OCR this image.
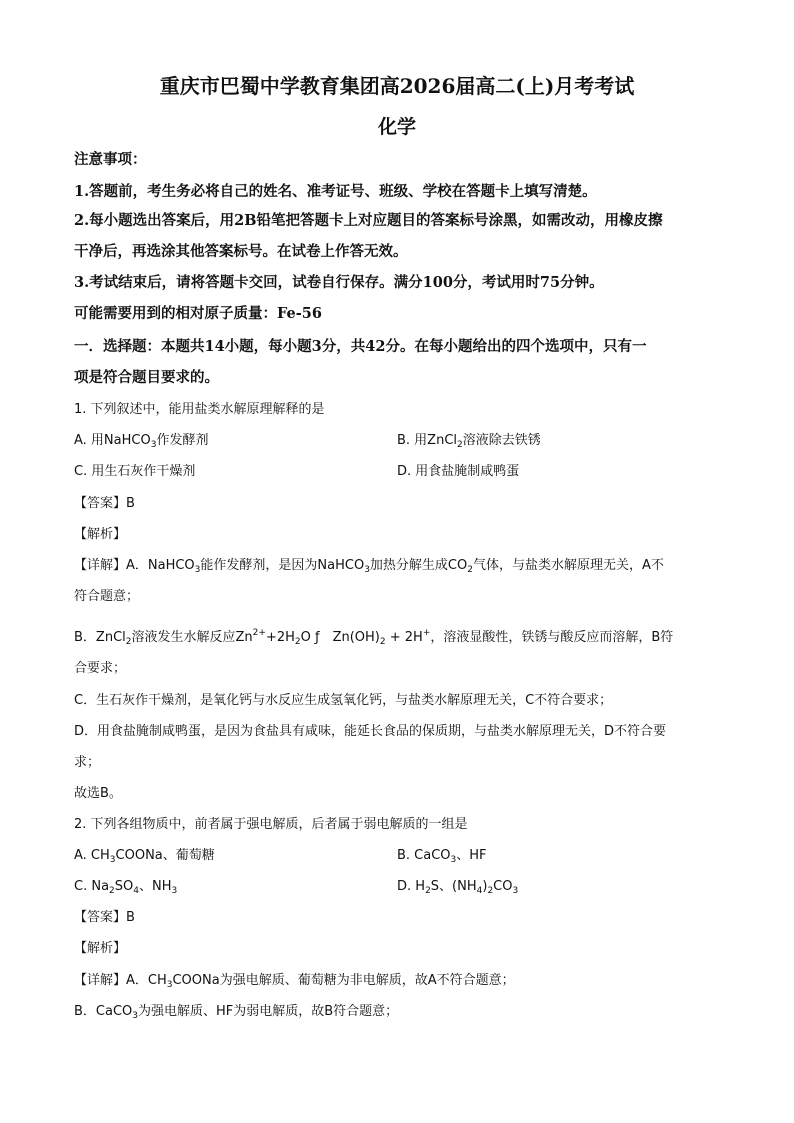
重庆市巴蜀中学教育集团高2026届高二(上)月考考试
化学
注意事项：
1.答题前，考生务必将自己的姓名、准考证号、班级、学校在答题卡上填写清楚。
2.每小题选出答案后，用2B铅笔把答题卡上对应题目的答案标号涂黑，如需改动，用橡皮擦
干净后，再选涂其他答案标号。在试卷上作答无效。
3.考试结束后，请将答题卡交回，试卷自行保存。满分100分，考试用时75分钟。
可能需要用到的相对原子质量：Fe-56
一．选择题：本题共14小题，每小题3分，共42分。在每小题给出的四个选项中，只有一
项是符合题目要求的。
1. 下列叙述中，能用盐类水解原理解释的是
A. 用NaHCO$_3$作发酵剂	B. 用ZnCl$_2$溶液除去铁锈
C. 用生石灰作干燥剂	D. 用食盐腌制咸鸭蛋
【答案】B
【解析】
【详解】A．NaHCO$_3$能作发酵剂，是因为NaHCO$_3$加热分解生成$CO_2$气体，与盐类水解原理无关，A不
符合题意；
B．ZnCl$_2$溶液发生水解反应$Zn^{2+}+2H_2O$ ƒ　$Zn(OH)_2 + 2H^+$，溶液显酸性，铁锈与酸反应而溶解，B符
合要求；
C．生石灰作干燥剂，是氧化钙与水反应生成氢氧化钙，与盐类水解原理无关，C不符合要求；
D．用食盐腌制咸鸭蛋，是因为食盐具有咸味，能延长食品的保质期，与盐类水解原理无关，D不符合要
求；
故选B。
2. 下列各组物质中，前者属于强电解质，后者属于弱电解质的一组是
A. $CH_3COONa$、葡萄糖	B. CaCO$_3$、HF
C. $Na_2SO_4$、$NH_3$	D. $H_2S$、$(NH_4)_2CO_3$
【答案】B
【解析】
【详解】A．$CH_3COONa$为强电解质、葡萄糖为非电解质，故A不符合题意；
B．CaCO$_3$为强电解质、HF为弱电解质，故B符合题意；
